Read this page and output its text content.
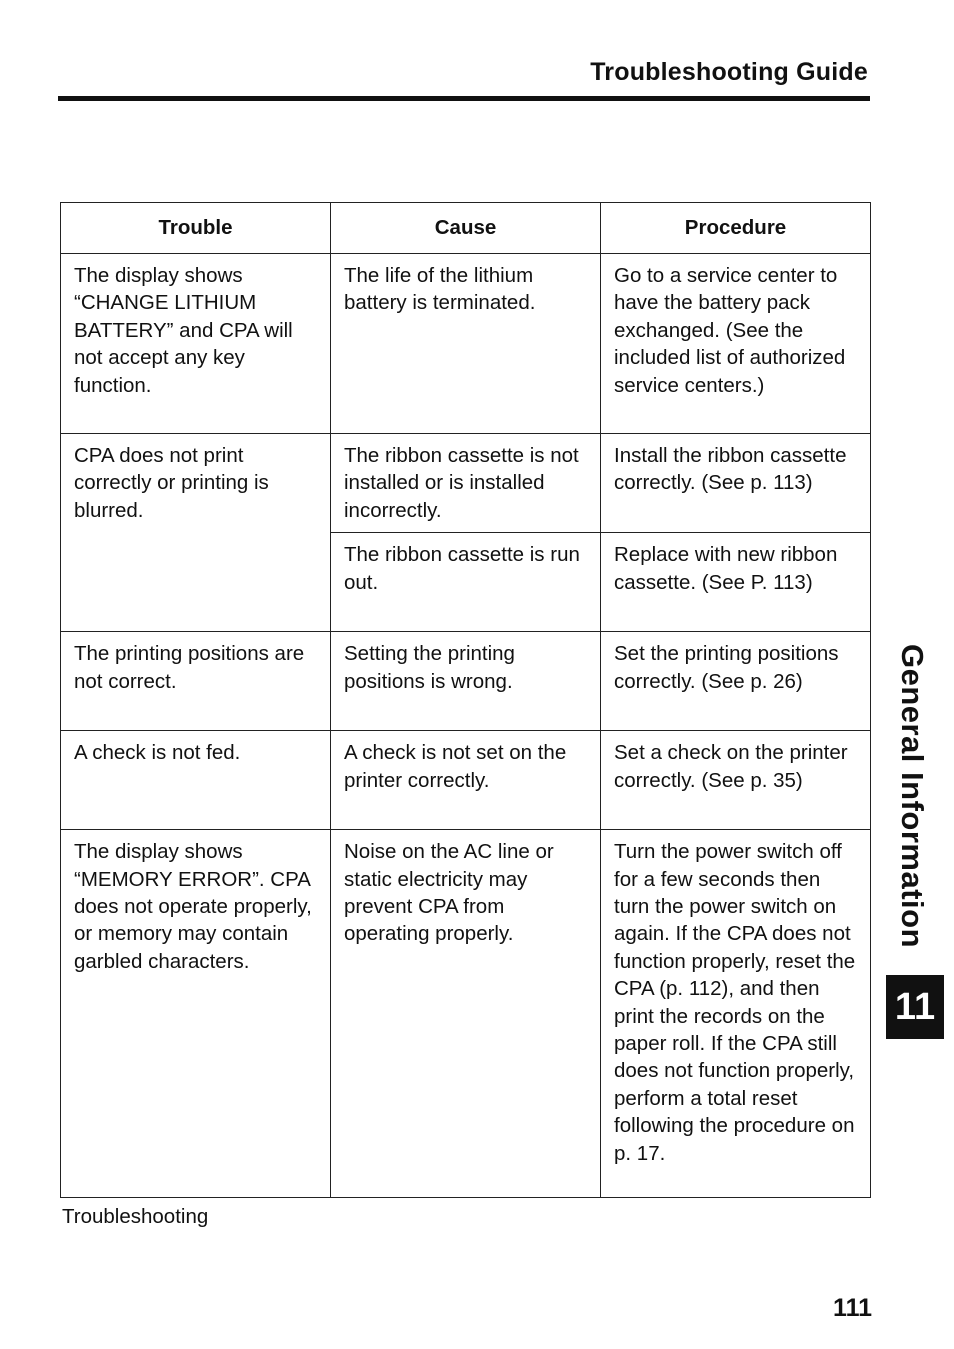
Troubleshooting Guide
Trouble	Cause	Procedure
The display shows “CHANGE LITHIUM BATTERY” and CPA will not accept any key function.	The life of the lithium battery is terminated.	Go to a service center to have the battery pack exchanged. (See the included list of authorized service centers.)
CPA does not print correctly or printing is blurred.	The ribbon cassette is not installed or is installed incorrectly.	Install the ribbon cassette correctly. (See p. 113)
	The ribbon cassette is run out.	Replace with new ribbon cassette. (See P. 113)
The printing positions are not correct.	Setting the printing positions is wrong.	Set the printing positions correctly. (See p. 26)
A check is not fed.	A check is not set on the printer correctly.	Set a check on the printer correctly. (See p. 35)
The display shows “MEMORY ERROR”. CPA does not operate properly, or memory may contain garbled characters.	Noise on the AC line or static electricity may prevent CPA from operating properly.	Turn the power switch off for a few seconds then turn the power switch on again. If the CPA does not function properly, reset the CPA (p. 112), and then print the records on the paper roll. If the CPA still does not function properly, perform a total reset following the procedure on p. 17.
Troubleshooting
111
General Information
11
